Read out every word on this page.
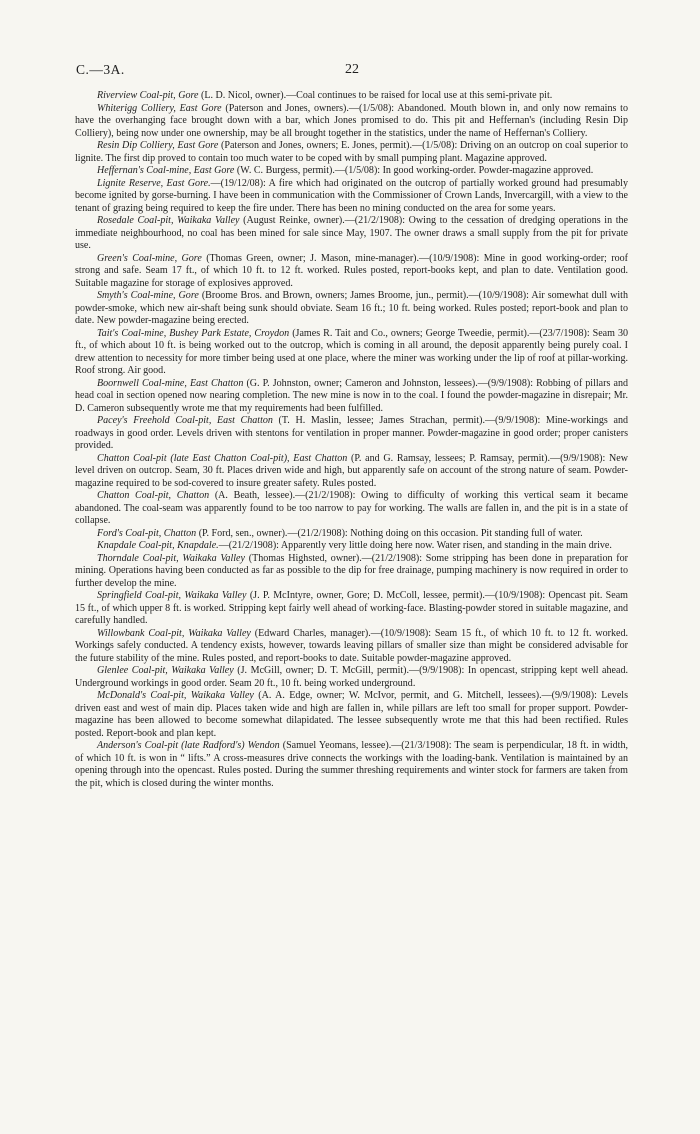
C.—3A.	22

Riverview Coal-pit, Gore (L. D. Nicol, owner).—Coal continues to be raised for local use at this semi-private pit.

Whiterigg Colliery, East Gore (Paterson and Jones, owners).—(1/5/08): Abandoned. Mouth blown in, and only now remains to have the overhanging face brought down with a bar, which Jones promised to do. This pit and Heffernan's (including Resin Dip Colliery), being now under one ownership, may be all brought together in the statistics, under the name of Heffernan's Colliery.

Resin Dip Colliery, East Gore (Paterson and Jones, owners; E. Jones, permit).—(1/5/08): Driving on an outcrop on coal superior to lignite. The first dip proved to contain too much water to be coped with by small pumping plant. Magazine approved.

Heffernan's Coal-mine, East Gore (W. C. Burgess, permit).—(1/5/08): In good working-order. Powder-magazine approved.

Lignite Reserve, East Gore.—(19/12/08): A fire which had originated on the outcrop of partially worked ground had presumably become ignited by gorse-burning. I have been in communication with the Commissioner of Crown Lands, Invercargill, with a view to the tenant of grazing being required to keep the fire under. There has been no mining conducted on the area for some years.

Rosedale Coal-pit, Waikaka Valley (August Reinke, owner).—(21/2/1908): Owing to the cessation of dredging operations in the immediate neighbourhood, no coal has been mined for sale since May, 1907. The owner draws a small supply from the pit for private use.

Green's Coal-mine, Gore (Thomas Green, owner; J. Mason, mine-manager).—(10/9/1908): Mine in good working-order; roof strong and safe. Seam 17 ft., of which 10 ft. to 12 ft. worked. Rules posted, report-books kept, and plan to date. Ventilation good. Suitable magazine for storage of explosives approved.

Smyth's Coal-mine, Gore (Broome Bros. and Brown, owners; James Broome, jun., permit).—(10/9/1908): Air somewhat dull with powder-smoke, which new air-shaft being sunk should obviate. Seam 16 ft.; 10 ft. being worked. Rules posted; report-book and plan to date. New powder-magazine being erected.

Tait's Coal-mine, Bushey Park Estate, Croydon (James R. Tait and Co., owners; George Tweedie, permit).—(23/7/1908): Seam 30 ft., of which about 10 ft. is being worked out to the outcrop, which is coming in all around, the deposit apparently being purely coal. I drew attention to necessity for more timber being used at one place, where the miner was working under the lip of roof at pillar-working. Roof strong. Air good.

Boornwell Coal-mine, East Chatton (G. P. Johnston, owner; Cameron and Johnston, lessees).—(9/9/1908): Robbing of pillars and head coal in section opened now nearing completion. The new mine is now in to the coal. I found the powder-magazine in disrepair; Mr. D. Cameron subsequently wrote me that my requirements had been fulfilled.

Pacey's Freehold Coal-pit, East Chatton (T. H. Maslin, lessee; James Strachan, permit).—(9/9/1908): Mine-workings and roadways in good order. Levels driven with stentons for ventilation in proper manner. Powder-magazine in good order; proper canisters provided.

Chatton Coal-pit (late East Chatton Coal-pit), East Chatton (P. and G. Ramsay, lessees; P. Ramsay, permit).—(9/9/1908): New level driven on outcrop. Seam, 30 ft. Places driven wide and high, but apparently safe on account of the strong nature of seam. Powder-magazine required to be sod-covered to insure greater safety. Rules posted.

Chatton Coal-pit, Chatton (A. Beath, lessee).—(21/2/1908): Owing to difficulty of working this vertical seam it became abandoned. The coal-seam was apparently found to be too narrow to pay for working. The walls are fallen in, and the pit is in a state of collapse.

Ford's Coal-pit, Chatton (P. Ford, sen., owner).—(21/2/1908): Nothing doing on this occasion. Pit standing full of water.

Knapdale Coal-pit, Knapdale.—(21/2/1908): Apparently very little doing here now. Water risen, and standing in the main drive.

Thorndale Coal-pit, Waikaka Valley (Thomas Highsted, owner).—(21/2/1908): Some stripping has been done in preparation for mining. Operations having been conducted as far as possible to the dip for free drainage, pumping machinery is now required in order to further develop the mine.

Springfield Coal-pit, Waikaka Valley (J. P. McIntyre, owner, Gore; D. McColl, lessee, permit).—(10/9/1908): Opencast pit. Seam 15 ft., of which upper 8 ft. is worked. Stripping kept fairly well ahead of working-face. Blasting-powder stored in suitable magazine, and carefully handled.

Willowbank Coal-pit, Waikaka Valley (Edward Charles, manager).—(10/9/1908): Seam 15 ft., of which 10 ft. to 12 ft. worked. Workings safely conducted. A tendency exists, however, towards leaving pillars of smaller size than might be considered advisable for the future stability of the mine. Rules posted, and report-books to date. Suitable powder-magazine approved.

Glenlee Coal-pit, Waikaka Valley (J. McGill, owner; D. T. McGill, permit).—(9/9/1908): In opencast, stripping kept well ahead. Underground workings in good order. Seam 20 ft., 10 ft. being worked underground.

McDonald's Coal-pit, Waikaka Valley (A. A. Edge, owner; W. McIvor, permit, and G. Mitchell, lessees).—(9/9/1908): Levels driven east and west of main dip. Places taken wide and high are fallen in, while pillars are left too small for proper support. Powder-magazine has been allowed to become somewhat dilapidated. The lessee subsequently wrote me that this had been rectified. Rules posted. Report-book and plan kept.

Anderson's Coal-pit (late Radford's) Wendon (Samuel Yeomans, lessee).—(21/3/1908): The seam is perpendicular, 18 ft. in width, of which 10 ft. is won in “ lifts.” A cross-measures drive connects the workings with the loading-bank. Ventilation is maintained by an opening through into the opencast. Rules posted. During the summer threshing requirements and winter stock for farmers are taken from the pit, which is closed during the winter months.
